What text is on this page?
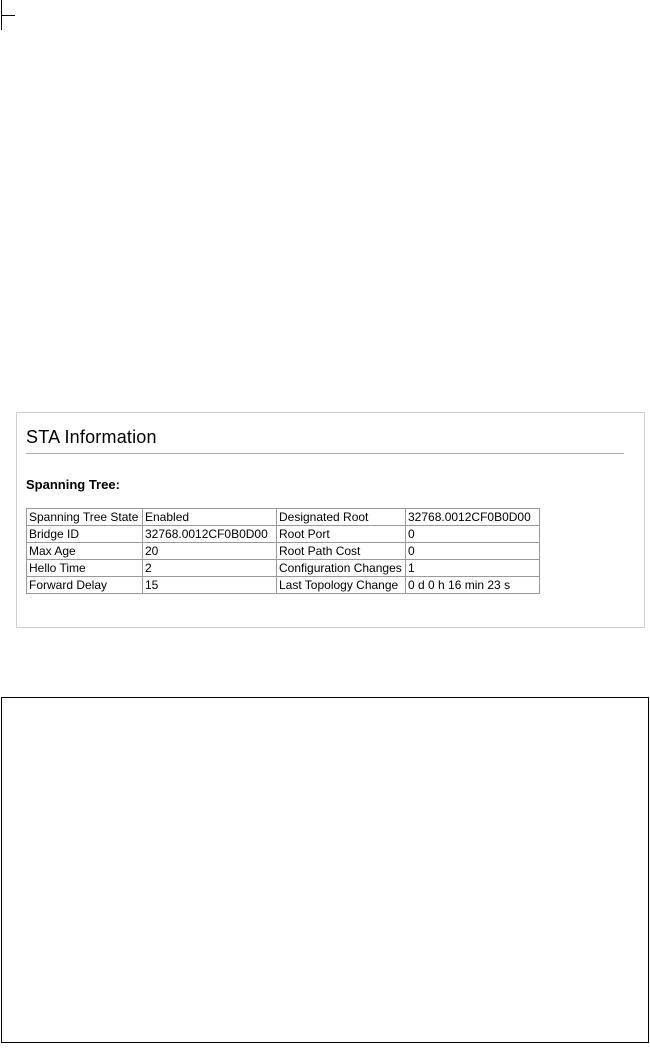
STA Information
Spanning Tree:
Spanning Tree State	Enabled	Designated Root	32768.0012CF0B0D00
Bridge ID	32768.0012CF0B0D00	Root Port	0
Max Age	20	Root Path Cost	0
Hello Time	2	Configuration Changes	1
Forward Delay	15	Last Topology Change	0 d 0 h 16 min 23 s
